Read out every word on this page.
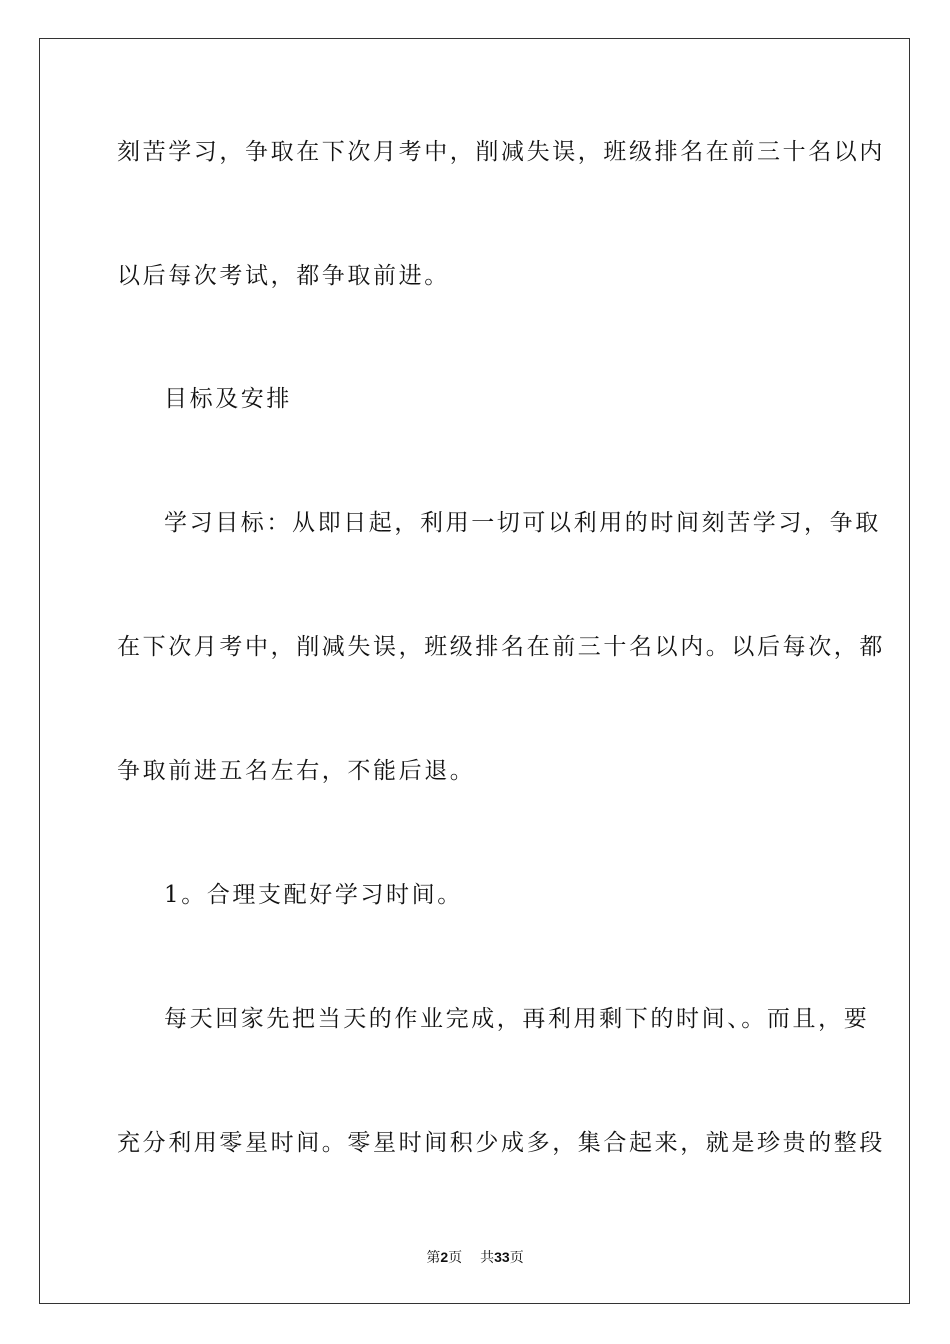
刻苦学习，争取在下次月考中，削减失误，班级排名在前三十名以内
以后每次考试，都争取前进。
目标及安排
学习目标：从即日起，利用一切可以利用的时间刻苦学习，争取
在下次月考中，削减失误，班级排名在前三十名以内。以后每次，都
争取前进五名左右，不能后退。
1。合理支配好学习时间。
每天回家先把当天的作业完成，再利用剩下的时间、。而且，要
充分利用零星时间。零星时间积少成多，集合起来，就是珍贵的整段
第2页 共33页
